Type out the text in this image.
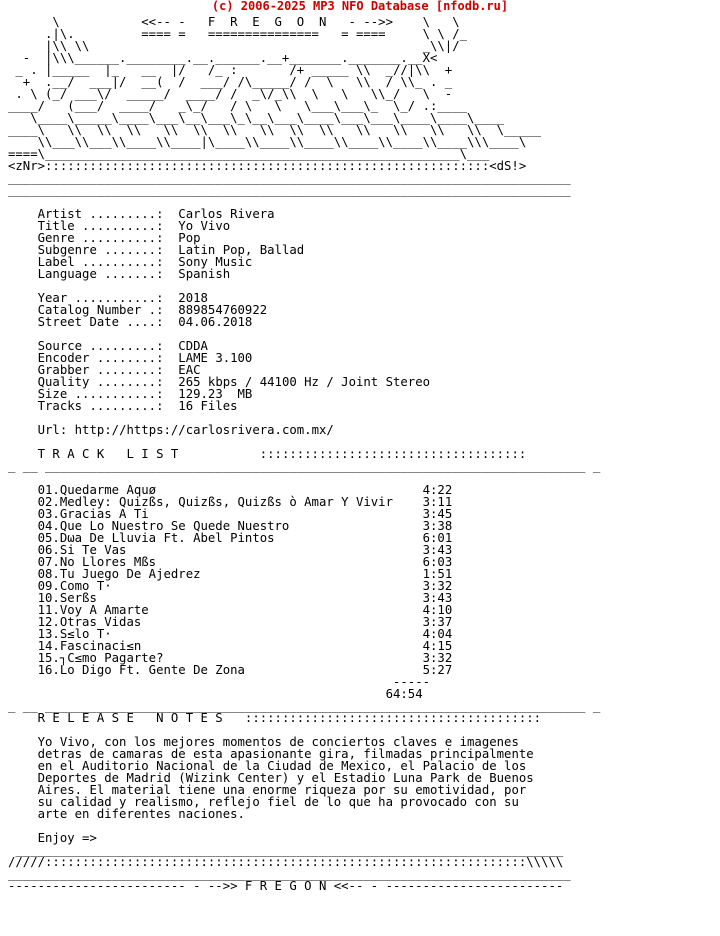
(c) 2006-2025 MP3 NFO Database [nfodb.ru]
\           <<-- -   F  R  E  G  O  N   - -->>    \   \
.|\.         ==== =   ===============   = ====     \ \ /_
|\\ \\                                             _\\|/
-  |\\\______.________.__.______.__+_______._______.__X<
_ . |_____  |_   __  |/   /_ :       /+ _____ \\  _//|\\  +
+  .__/  ___|/  __(  /  ___/ /\_____/ /  \   \\  / \\_ . _
. \ (_/ ___\/  _____/  ____/ /  _\/_\\  \   \   \\_/   \  -
____/   (___/  ____/   _\_/   / \   \   \___\___\_  \_/ .:____
\____\_____\____\___\__\___\_\__\___\____\___\___\____\____\____
____\   \\  \\  \\   \\  \\  \\   \\  \\  \\   \\   \\   \\   \\  \_____
\\___\\___\\____\\____|\____\\____\\____\\____\\____\\____\\\____\
====\________________________________________________________\___
<zNr>::::::::::::::::::::::::::::::::::::::::::::::::::::::::::::<dS!>
____________________________________________________________________________
____________________________________________________________________________

Artist .........: Carlos Rivera
Title ..........: Yo Vivo
Genre ..........: Pop
Subgenre .......: Latin Pop, Ballad
Label ..........: Sony Music
Language .......: Spanish

Year ...........: 2018
Catalog Number .: 889854760922
Street Date ....: 04.06.2018

Source .........: CDDA
Encoder ........: LAME 3.100
Grabber ........: EAC
Quality ........: 265 kbps / 44100 Hz / Joint Stereo
Size ...........: 129.23  MB
Tracks .........: 16 Files

Url: http://https://carlosrivera.com.mx/

T R A C K   L I S T           ::::::::::::::::::::::::::::::::::::
_ __ _________________________________________________________________________ _

01.Quedarme Aquø	4:22
02.Medley: Quizßs, Quizßs, Quizßs ò Amar Y Vivir 3:11
03.Gracias A Ti	3:45
04.Que Lo Nuestro Se Quede Nuestro	3:38
05.Dωa De Lluvia Ft. Abel Pintos	6:01
06.Si Te Vas	3:43
07.No Llores Mßs	6:03
08.Tu Juego De Ajedrez	1:51
09.Como T·	3:32
10.Serßs	3:43
11.Voy A Amarte	4:10
12.Otras Vidas	3:37
13.S≤lo T·	4:04
14.Fascinaci≤n	4:15
15.┐C≤mo Pagarte?	3:32
16.Lo Digo Ft. Gente De Zona	5:27
-----
64:54
_ __ _________________________________________________________________________ _
R E L E A S E   N O T E S   ::::::::::::::::::::::::::::::::::::::::

Yo Vivo, con los mejores momentos de conciertos claves e imagenes
detras de camaras de esta apasionante gira, filmadas principalmente
en el Auditorio Nacional de la Ciudad de Mexico, el Palacio de los
Deportes de Madrid (Wizink Center) y el Estadio Luna Park de Buenos
Aires. El material tiene una enorme riqueza por su emotividad, por
su calidad y realismo, reflejo fiel de lo que ha provocado con su
arte en diferentes naciones.

Enjoy =>
__________________________________________________________________________
/////:::::::::::::::::::::::::::::::::::::::::::::::::::::::::::::::::\\\\\
____________________________________________________________________________
------------------------ - -->> F R E G O N <<-- - ------------------------
